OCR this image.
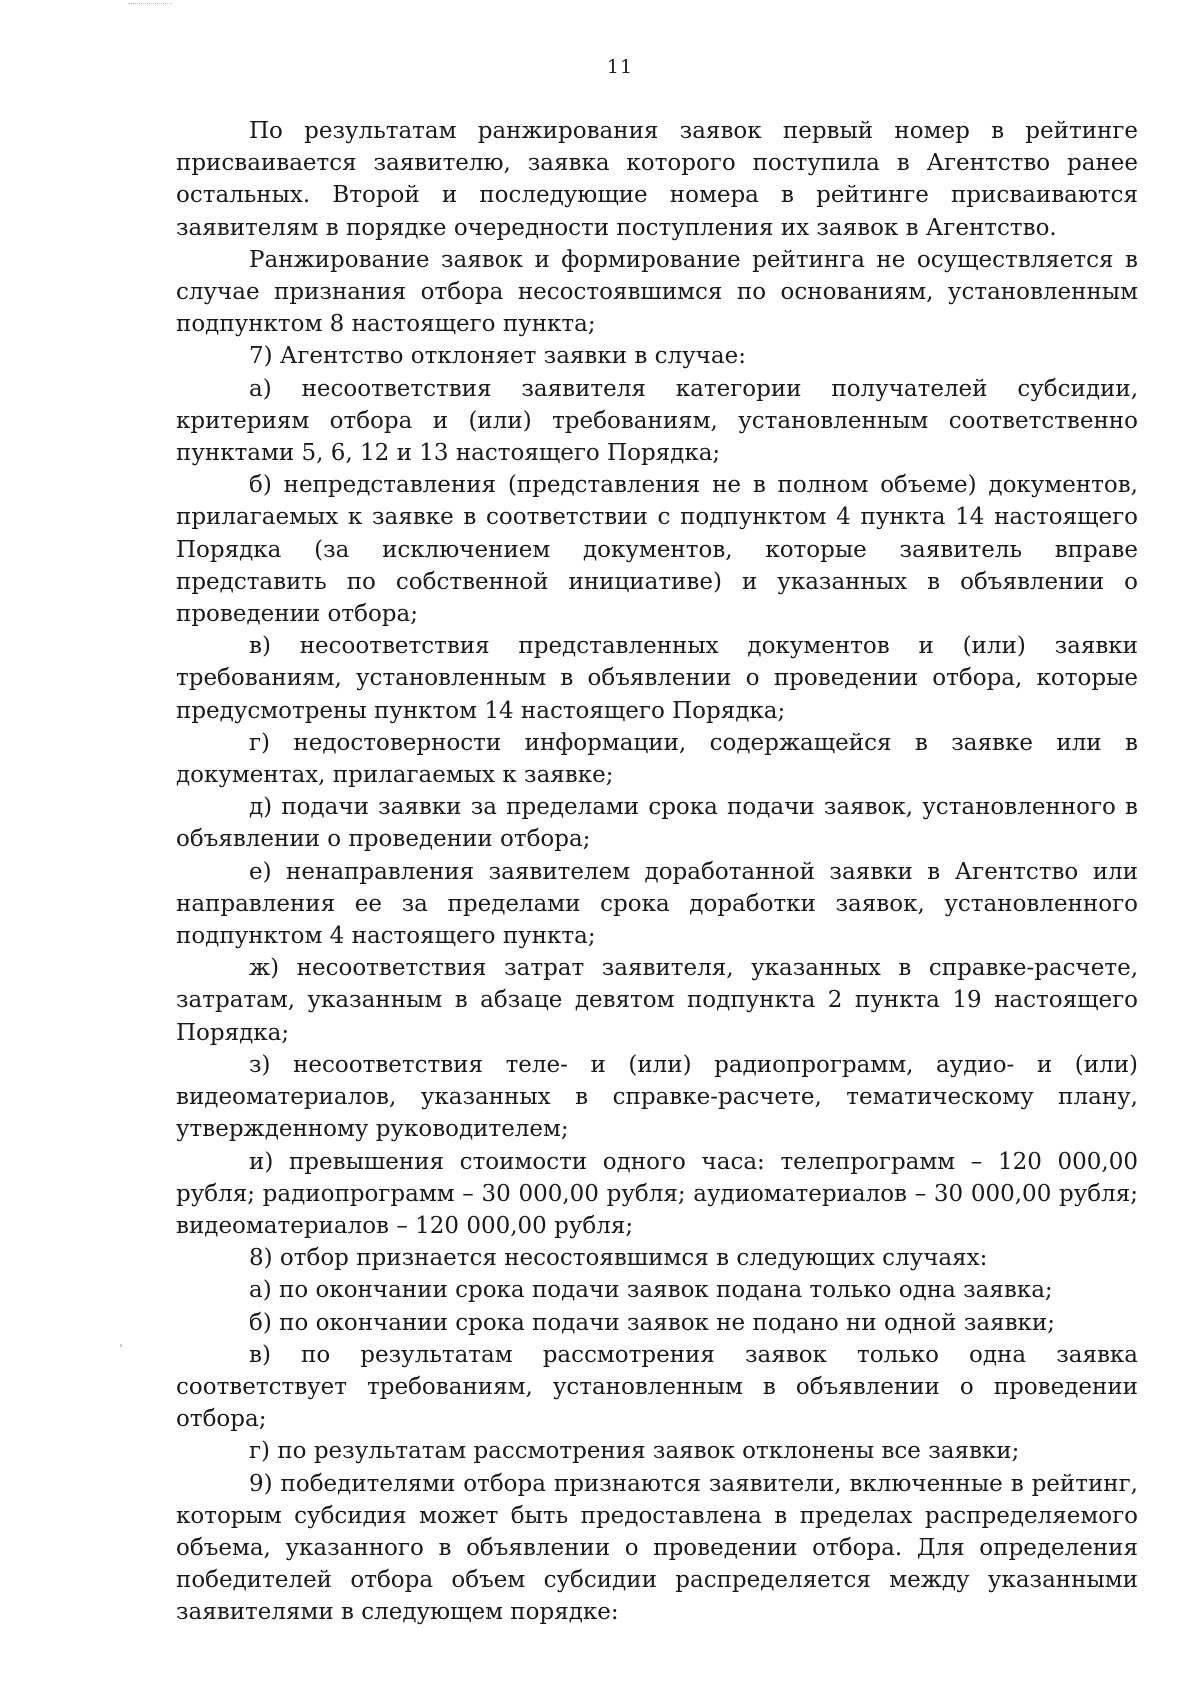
11

По результатам ранжирования заявок первый номер в рейтинге присваивается заявителю, заявка которого поступила в Агентство ранее остальных. Второй и последующие номера в рейтинге присваиваются заявителям в порядке очередности поступления их заявок в Агентство.

Ранжирование заявок и формирование рейтинга не осуществляется в случае признания отбора несостоявшимся по основаниям, установленным подпунктом 8 настоящего пункта;

7) Агентство отклоняет заявки в случае:

а) несоответствия заявителя категории получателей субсидии, критериям отбора и (или) требованиям, установленным соответственно пунктами 5, 6, 12 и 13 настоящего Порядка;

б) непредставления (представления не в полном объеме) документов, прилагаемых к заявке в соответствии с подпунктом 4 пункта 14 настоящего Порядка (за исключением документов, которые заявитель вправе представить по собственной инициативе) и указанных в объявлении о проведении отбора;

в) несоответствия представленных документов и (или) заявки требованиям, установленным в объявлении о проведении отбора, которые предусмотрены пунктом 14 настоящего Порядка;

г) недостоверности информации, содержащейся в заявке или в документах, прилагаемых к заявке;

д) подачи заявки за пределами срока подачи заявок, установленного в объявлении о проведении отбора;

е) ненаправления заявителем доработанной заявки в Агентство или направления ее за пределами срока доработки заявок, установленного подпунктом 4 настоящего пункта;

ж) несоответствия затрат заявителя, указанных в справке-расчете, затратам, указанным в абзаце девятом подпункта 2 пункта 19 настоящего Порядка;

з) несоответствия теле- и (или) радиопрограмм, аудио- и (или) видеоматериалов, указанных в справке-расчете, тематическому плану, утвержденному руководителем;

и) превышения стоимости одного часа: телепрограмм – 120 000,00 рубля; радиопрограмм – 30 000,00 рубля; аудиоматериалов – 30 000,00 рубля; видеоматериалов – 120 000,00 рубля;

8) отбор признается несостоявшимся в следующих случаях:

а) по окончании срока подачи заявок подана только одна заявка;

б) по окончании срока подачи заявок не подано ни одной заявки;

в) по результатам рассмотрения заявок только одна заявка соответствует требованиям, установленным в объявлении о проведении отбора;

г) по результатам рассмотрения заявок отклонены все заявки;

9) победителями отбора признаются заявители, включенные в рейтинг, которым субсидия может быть предоставлена в пределах распределяемого объема, указанного в объявлении о проведении отбора. Для определения победителей отбора объем субсидии распределяется между указанными заявителями в следующем порядке:
